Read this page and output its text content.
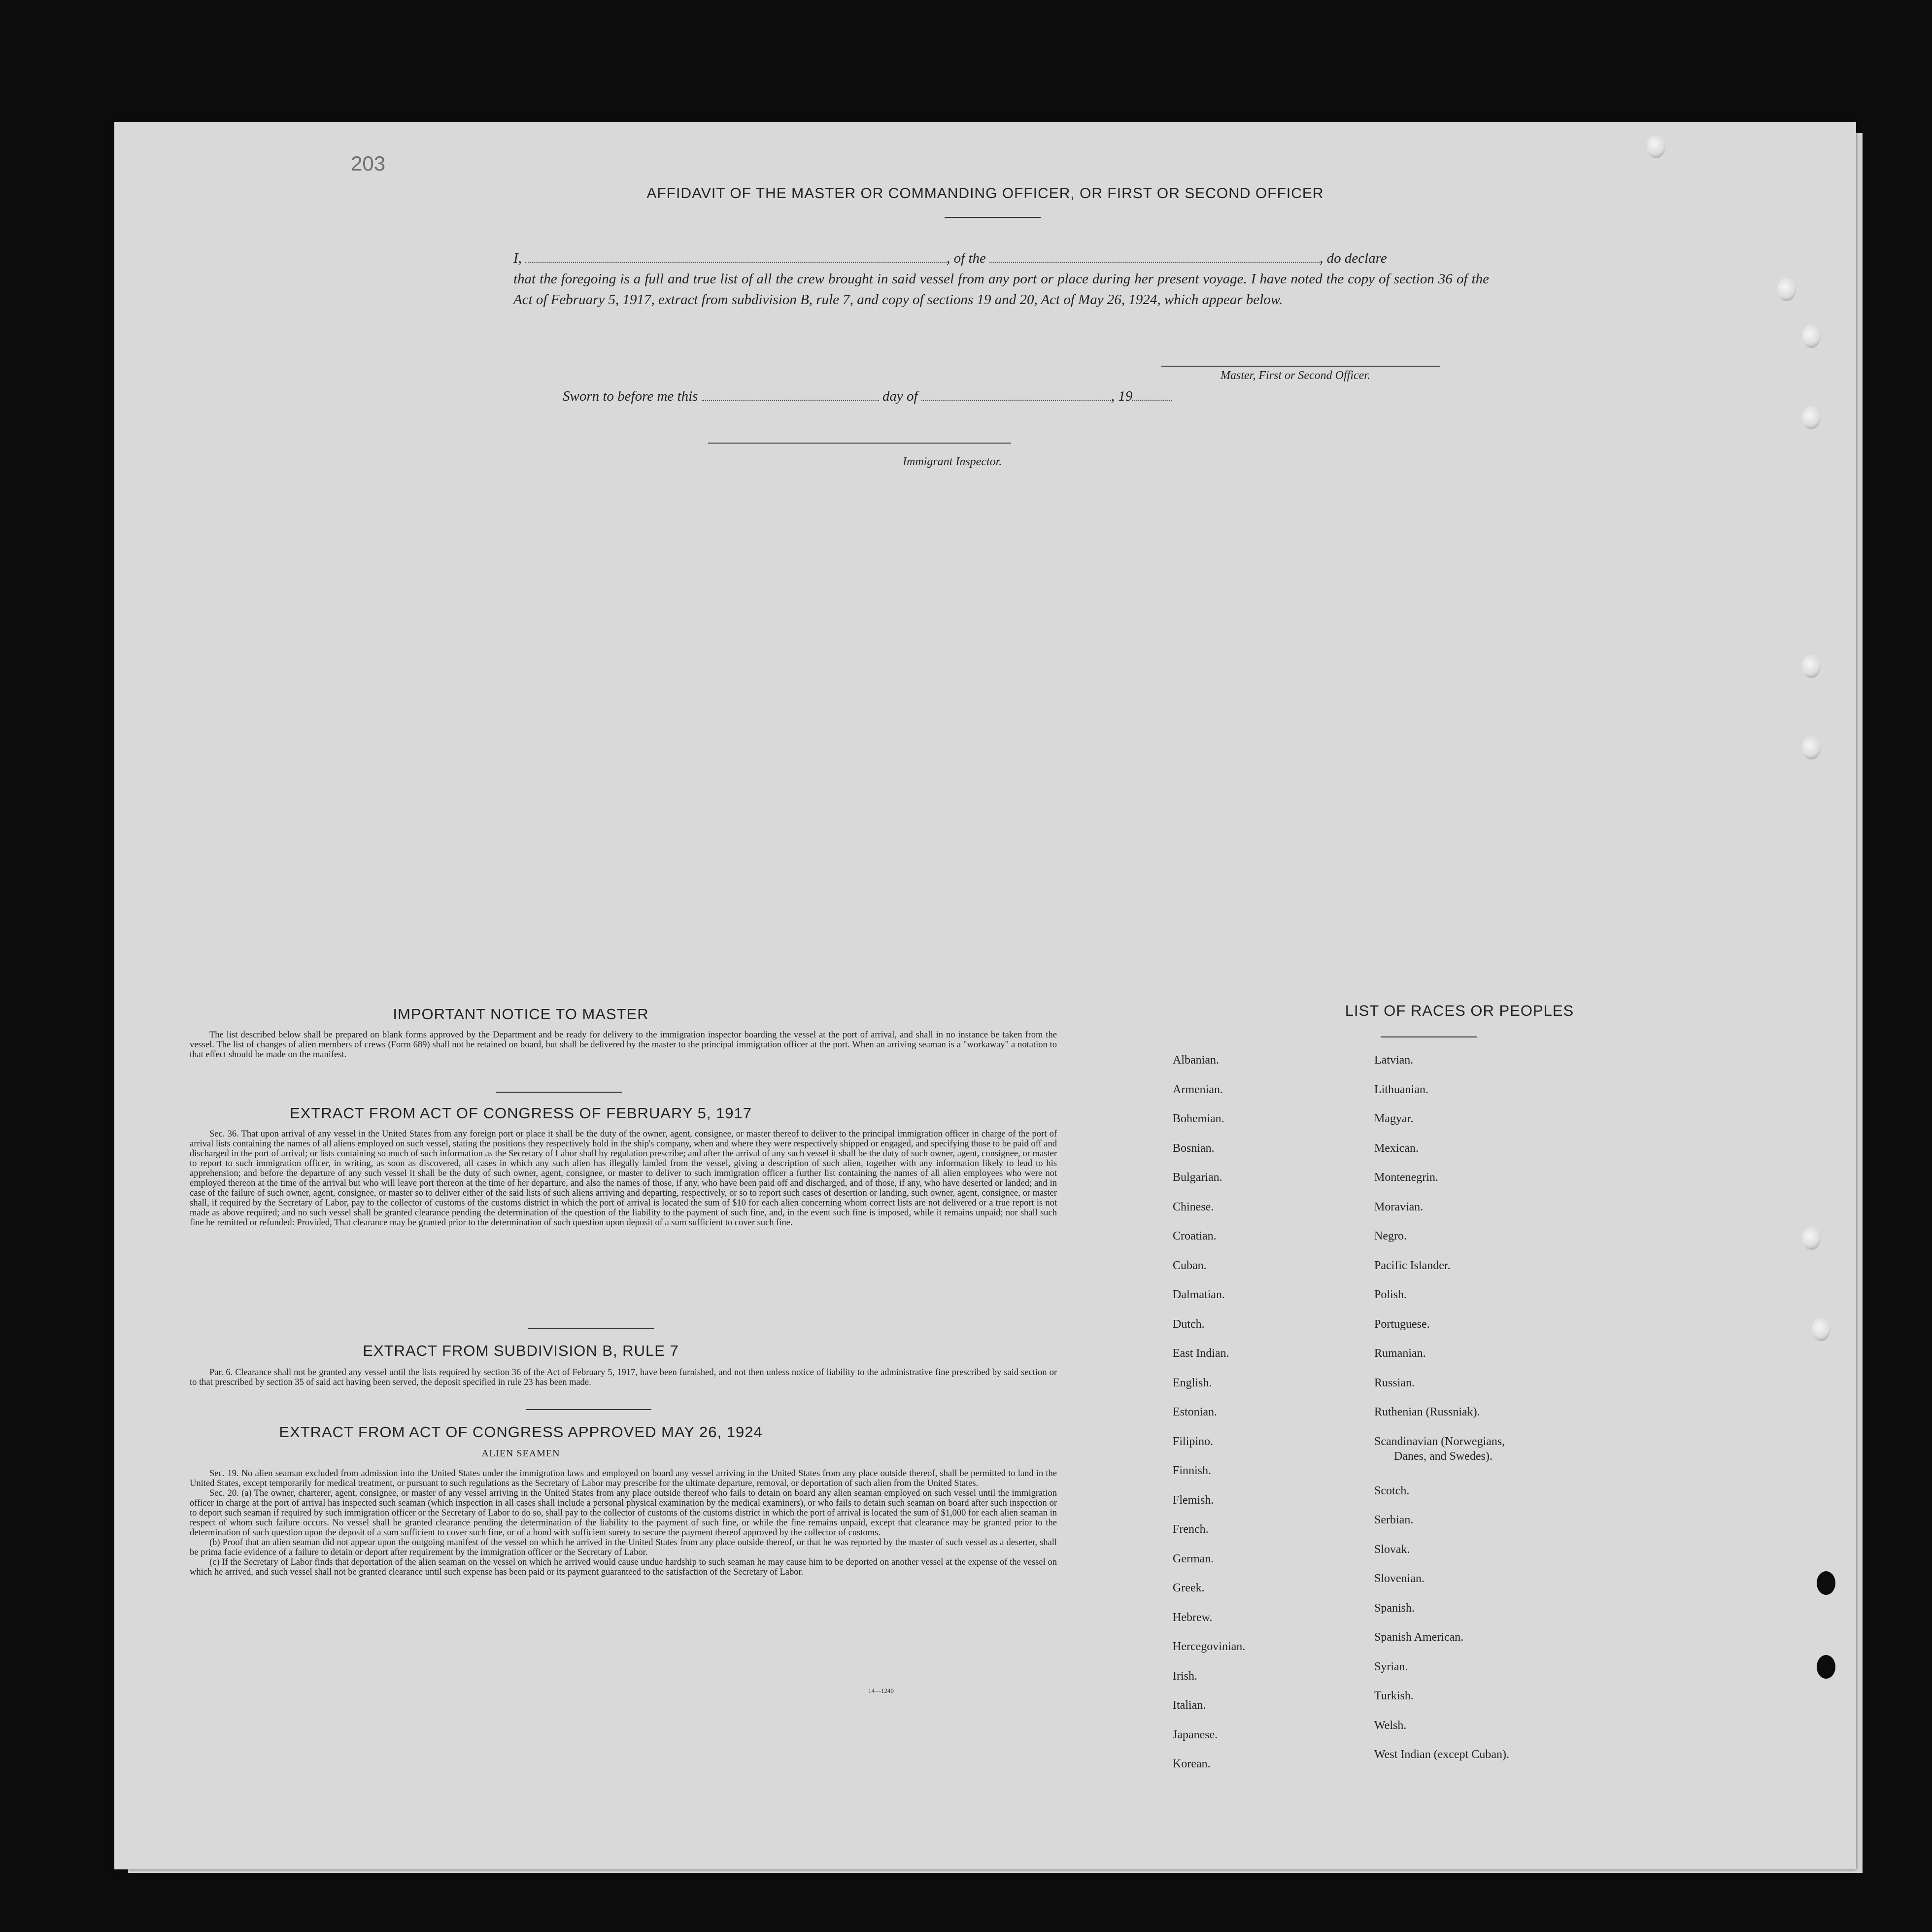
203
AFFIDAVIT OF THE MASTER OR COMMANDING OFFICER, OR FIRST OR SECOND OFFICER
I,	, of the	, do declare
that the foregoing is a full and true list of all the crew brought in said vessel from any port or place during her present voyage. I have noted the copy of section 36 of the Act of February 5, 1917, extract from subdivision B, rule 7, and copy of sections 19 and 20, Act of May 26, 1924, which appear below.
Master, First or Second Officer.
Sworn to before me this	day of	, 19
Immigrant Inspector.
IMPORTANT NOTICE TO MASTER

The list described below shall be prepared on blank forms approved by the Department and be ready for delivery to the immigration inspector boarding the vessel at the port of arrival, and shall in no instance be taken from the vessel. The list of changes of alien members of crews (Form 689) shall not be retained on board, but shall be delivered by the master to the principal immigration officer at the port. When an arriving seaman is a "workaway" a notation to that effect should be made on the manifest.

EXTRACT FROM ACT OF CONGRESS OF FEBRUARY 5, 1917

Sec. 36. That upon arrival of any vessel in the United States from any foreign port or place it shall be the duty of the owner, agent, consignee, or master thereof to deliver to the principal immigration officer in charge of the port of arrival lists containing the names of all aliens employed on such vessel, stating the positions they respectively hold in the ship's company, when and where they were respectively shipped or engaged, and specifying those to be paid off and discharged in the port of arrival; or lists containing so much of such information as the Secretary of Labor shall by regulation prescribe; and after the arrival of any such vessel it shall be the duty of such owner, agent, consignee, or master to report to such immigration officer, in writing, as soon as discovered, all cases in which any such alien has illegally landed from the vessel, giving a description of such alien, together with any information likely to lead to his apprehension; and before the departure of any such vessel it shall be the duty of such owner, agent, consignee, or master to deliver to such immigration officer a further list containing the names of all alien employees who were not employed thereon at the time of the arrival but who will leave port thereon at the time of her departure, and also the names of those, if any, who have been paid off and discharged, and of those, if any, who have deserted or landed; and in case of the failure of such owner, agent, consignee, or master so to deliver either of the said lists of such aliens arriving and departing, respectively, or so to report such cases of desertion or landing, such owner, agent, consignee, or master shall, if required by the Secretary of Labor, pay to the collector of customs of the customs district in which the port of arrival is located the sum of $10 for each alien concerning whom correct lists are not delivered or a true report is not made as above required; and no such vessel shall be granted clearance pending the determination of the question of the liability to the payment of such fine, and, in the event such fine is imposed, while it remains unpaid; nor shall such fine be remitted or refunded: Provided, That clearance may be granted prior to the determination of such question upon deposit of a sum sufficient to cover such fine.

EXTRACT FROM SUBDIVISION B, RULE 7

Par. 6. Clearance shall not be granted any vessel until the lists required by section 36 of the Act of February 5, 1917, have been furnished, and not then unless notice of liability to the administrative fine prescribed by said section or to that prescribed by section 35 of said act having been served, the deposit specified in rule 23 has been made.

EXTRACT FROM ACT OF CONGRESS APPROVED MAY 26, 1924
ALIEN SEAMEN

Sec. 19. No alien seaman excluded from admission into the United States under the immigration laws and employed on board any vessel arriving in the United States from any place outside thereof, shall be permitted to land in the United States, except temporarily for medical treatment, or pursuant to such regulations as the Secretary of Labor may prescribe for the ultimate departure, removal, or deportation of such alien from the United States.

Sec. 20. (a) The owner, charterer, agent, consignee, or master of any vessel arriving in the United States from any place outside thereof who fails to detain on board any alien seaman employed on such vessel until the immigration officer in charge at the port of arrival has inspected such seaman (which inspection in all cases shall include a personal physical examination by the medical examiners), or who fails to detain such seaman on board after such inspection or to deport such seaman if required by such immigration officer or the Secretary of Labor to do so, shall pay to the collector of customs of the customs district in which the port of arrival is located the sum of $1,000 for each alien seaman in respect of whom such failure occurs. No vessel shall be granted clearance pending the determination of the liability to the payment of such fine, or while the fine remains unpaid, except that clearance may be granted prior to the determination of such question upon the deposit of a sum sufficient to cover such fine, or of a bond with sufficient surety to secure the payment thereof approved by the collector of customs.

(b) Proof that an alien seaman did not appear upon the outgoing manifest of the vessel on which he arrived in the United States from any place outside thereof, or that he was reported by the master of such vessel as a deserter, shall be prima facie evidence of a failure to detain or deport after requirement by the immigration officer or the Secretary of Labor.

(c) If the Secretary of Labor finds that deportation of the alien seaman on the vessel on which he arrived would cause undue hardship to such seaman he may cause him to be deported on another vessel at the expense of the vessel on which he arrived, and such vessel shall not be granted clearance until such expense has been paid or its payment guaranteed to the satisfaction of the Secretary of Labor.

14—1240
LIST OF RACES OR PEOPLES
Albanian.
Armenian.
Bohemian.
Bosnian.
Bulgarian.
Chinese.
Croatian.
Cuban.
Dalmatian.
Dutch.
East Indian.
English.
Estonian.
Filipino.
Finnish.
Flemish.
French.
German.
Greek.
Hebrew.
Hercegovinian.
Irish.
Italian.
Japanese.
Korean.
Latvian.
Lithuanian.
Magyar.
Mexican.
Montenegrin.
Moravian.
Negro.
Pacific Islander.
Polish.
Portuguese.
Rumanian.
Russian.
Ruthenian (Russniak).
Scandinavian (Norwegians,
Danes, and Swedes).
Scotch.
Serbian.
Slovak.
Slovenian.
Spanish.
Spanish American.
Syrian.
Turkish.
Welsh.
West Indian (except Cuban).
